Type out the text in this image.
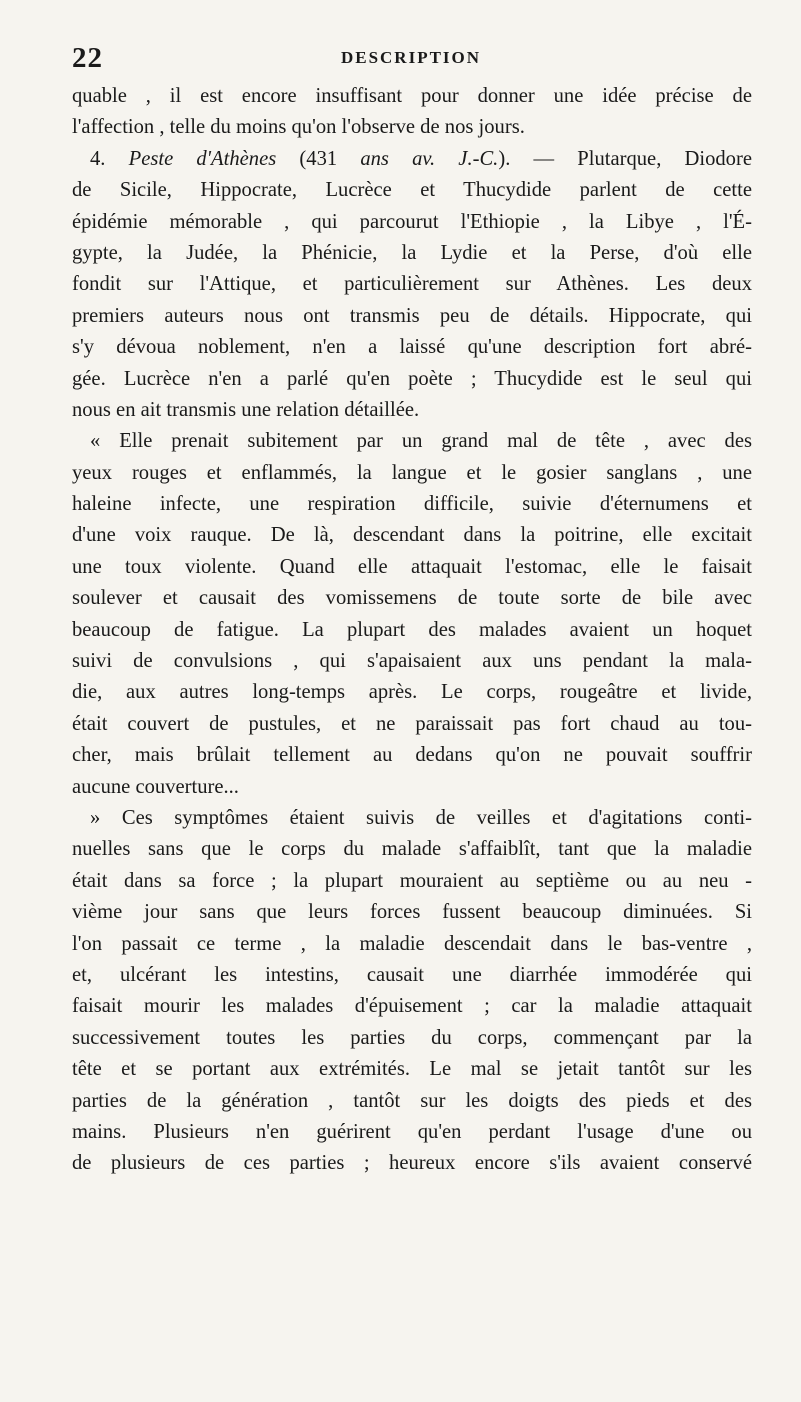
22	DESCRIPTION
quable , il est encore insuffisant pour donner une idée précise de
l'affection , telle du moins qu'on l'observe de nos jours.
4. Peste d'Athènes (431 ans av. J.-C.). — Plutarque, Diodore
de Sicile, Hippocrate, Lucrèce et Thucydide parlent de cette
épidémie mémorable , qui parcourut l'Ethiopie , la Libye , l'É-
gypte, la Judée, la Phénicie, la Lydie et la Perse, d'où elle
fondit sur l'Attique, et particulièrement sur Athènes. Les deux
premiers auteurs nous ont transmis peu de détails. Hippocrate, qui
s'y dévoua noblement, n'en a laissé qu'une description fort abré-
gée. Lucrèce n'en a parlé qu'en poète ; Thucydide est le seul qui
nous en ait transmis une relation détaillée.
« Elle prenait subitement par un grand mal de tête , avec des
yeux rouges et enflammés, la langue et le gosier sanglans , une
haleine infecte, une respiration difficile, suivie d'éternumens et
d'une voix rauque. De là, descendant dans la poitrine, elle excitait
une toux violente. Quand elle attaquait l'estomac, elle le faisait
soulever et causait des vomissemens de toute sorte de bile avec
beaucoup de fatigue. La plupart des malades avaient un hoquet
suivi de convulsions , qui s'apaisaient aux uns pendant la mala-
die, aux autres long-temps après. Le corps, rougeâtre et livide,
était couvert de pustules, et ne paraissait pas fort chaud au tou-
cher, mais brûlait tellement au dedans qu'on ne pouvait souffrir
aucune couverture...
» Ces symptômes étaient suivis de veilles et d'agitations conti-
nuelles sans que le corps du malade s'affaiblît, tant que la maladie
était dans sa force ; la plupart mouraient au septième ou au neu -
vième jour sans que leurs forces fussent beaucoup diminuées. Si
l'on passait ce terme , la maladie descendait dans le bas-ventre ,
et, ulcérant les intestins, causait une diarrhée immodérée qui
faisait mourir les malades d'épuisement ; car la maladie attaquait
successivement toutes les parties du corps, commençant par la
tête et se portant aux extrémités. Le mal se jetait tantôt sur les
parties de la génération , tantôt sur les doigts des pieds et des
mains. Plusieurs n'en guérirent qu'en perdant l'usage d'une ou
de plusieurs de ces parties ; heureux encore s'ils avaient conservé
